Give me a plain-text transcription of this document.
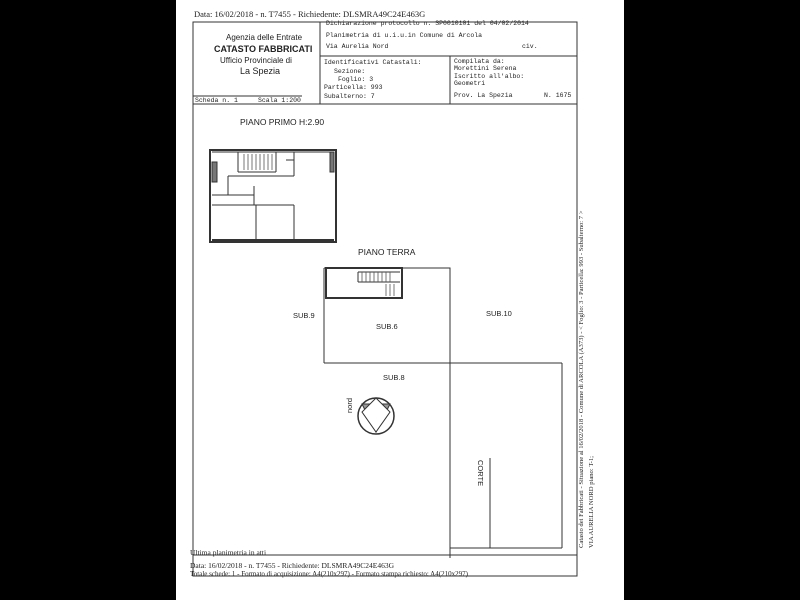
Data: 16/02/2018 - n. T7455 - Richiedente: DLSMRA49C24E463G
Agenzia delle Entrate
CATASTO FABBRICATI
Ufficio Provinciale di
La Spezia
Dichiarazione protocollo n. SP0010101 del 04/02/2014
Planimetria di u.i.u.in Comune di Arcola
Via Aurelia Nord	civ.
Identificativi Catastali:
Sezione:
Foglio: 3
Particella: 993
Subalterno: 7
Compilata da:
Morettini Serena
Iscritto all'albo:
Geometri
Prov. La Spezia	N. 1675
Scheda n. 1	Scala 1:200
PIANO PRIMO H:2.90
PIANO TERRA
SUB.9
SUB.6
SUB.10
SUB.8
CORTE
nord
Ultima planimetria in atti
Data: 16/02/2018 - n. T7455 - Richiedente: DLSMRA49C24E463G
Totale schede: 1 - Formato di acquisizione: A4(210x297) - Formato stampa richiesto: A4(210x297)
Catasto dei Fabbricati - Situazione al 16/02/2018 - Comune di ARCOLA (A373) - < Foglio: 3 - Particella: 993 - Subalterno: 7 > VIA AURELIA NORD piano: T-1;
